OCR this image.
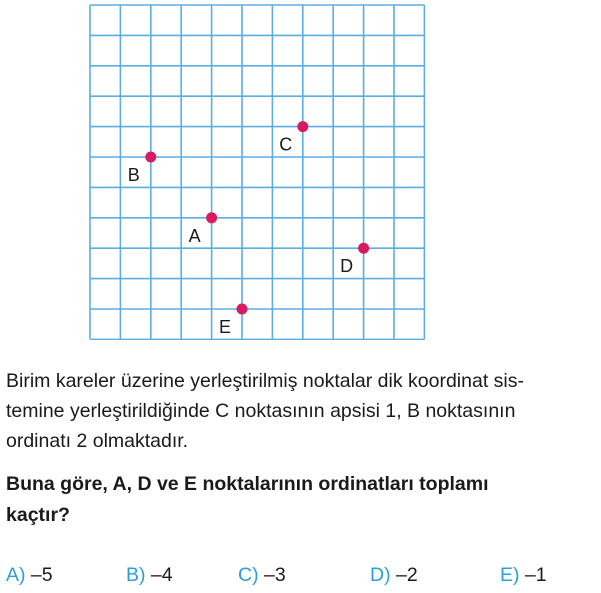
C
B
A
D
E
Birim kareler üzerine yerleştirilmiş noktalar dik koordinat sis-
temine yerleştirildiğinde C noktasının apsisi 1, B noktasının
ordinatı 2 olmaktadır.
Buna göre, A, D ve E noktalarının ordinatları toplamı
kaçtır?
A) –5	B) –4	C) –3	D) –2	E) –1
